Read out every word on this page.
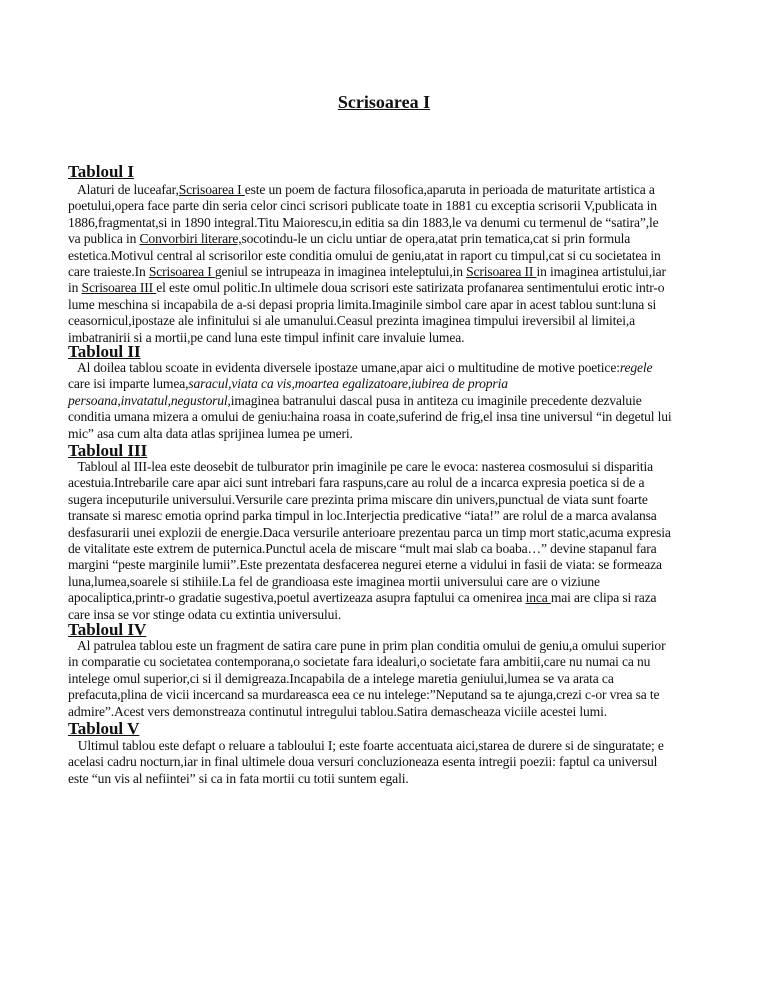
Scrisoarea I
Tabloul I
Alaturi de luceafar,Scrisoarea I este un poem de factura filosofica,aparuta in perioada de maturitate artistica a
poetului,opera face parte din seria celor cinci scrisori publicate toate in 1881 cu exceptia scrisorii V,publicata in
1886,fragmentat,si in 1890 integral.Titu Maiorescu,in editia sa din 1883,le va denumi cu termenul de “satira”,le
va publica in Convorbiri literare,socotindu-le un ciclu untiar de opera,atat prin tematica,cat si prin formula
estetica.Motivul central al scrisorilor este conditia omului de geniu,atat in raport cu timpul,cat si cu societatea in
care traieste.In Scrisoarea I geniul se intrupeaza in imaginea inteleptului,in Scrisoarea II in imaginea artistului,iar
in Scrisoarea III el este omul politic.In ultimele doua scrisori este satirizata profanarea sentimentului erotic intr-o
lume meschina si incapabila de a-si depasi propria limita.Imaginile simbol care apar in acest tablou sunt:luna si
ceasornicul,ipostaze ale infinitului si ale umanului.Ceasul prezinta imaginea timpului ireversibil al limitei,a
imbatranirii si a mortii,pe cand luna este timpul infinit care invaluie lumea.
Tabloul II
Al doilea tablou scoate in evidenta diversele ipostaze umane,apar aici o multitudine de motive poetice:regele
care isi imparte lumea,saracul,viata ca vis,moartea egalizatoare,iubirea de propria
persoana,invatatul,negustorul,imaginea batranului dascal pusa in antiteza cu imaginile precedente dezvaluie
conditia umana mizera a omului de geniu:haina roasa in coate,suferind de frig,el insa tine universul “in degetul lui
mic” asa cum alta data atlas sprijinea lumea pe umeri.
Tabloul III
Tabloul al III-lea este deosebit de tulburator prin imaginile pe care le evoca: nasterea cosmosului si disparitia
acestuia.Intrebarile care apar aici sunt intrebari fara raspuns,care au rolul de a incarca expresia poetica si de a
sugera inceputurile universului.Versurile care prezinta prima miscare din univers,punctual de viata sunt foarte
transate si maresc emotia oprind parka timpul in loc.Interjectia predicative “iata!” are rolul de a marca avalansa
desfasurarii unei explozii de energie.Daca versurile anterioare prezentau parca un timp mort static,acuma expresia
de vitalitate este extrem de puternica.Punctul acela de miscare “mult mai slab ca boaba…” devine stapanul fara
margini “peste marginile lumii”.Este prezentata desfacerea negurei eterne a vidului in fasii de viata: se formeaza
luna,lumea,soarele si stihiile.La fel de grandioasa este imaginea mortii universului care are o viziune
apocaliptica,printr-o gradatie sugestiva,poetul avertizeaza asupra faptului ca omenirea inca mai are clipa si raza
care insa se vor stinge odata cu extintia universului.
Tabloul IV
Al patrulea tablou este un fragment de satira care pune in prim plan conditia omului de geniu,a omului superior
in comparatie cu societatea contemporana,o societate fara idealuri,o societate fara ambitii,care nu numai ca nu
intelege omul superior,ci si il demigreaza.Incapabila de a intelege maretia geniului,lumea se va arata ca
prefacuta,plina de vicii incercand sa murdareasca eea ce nu intelege:”Neputand sa te ajunga,crezi c-or vrea sa te
admire”.Acest vers demonstreaza continutul intregului tablou.Satira demascheaza viciile acestei lumi.
Tabloul V
Ultimul tablou este defapt o reluare a tabloului I; este foarte accentuata aici,starea de durere si de singuratate; e
acelasi cadru nocturn,iar in final ultimele doua versuri concluzioneaza esenta intregii poezii: faptul ca universul
este “un vis al nefiintei” si ca in fata mortii cu totii suntem egali.
